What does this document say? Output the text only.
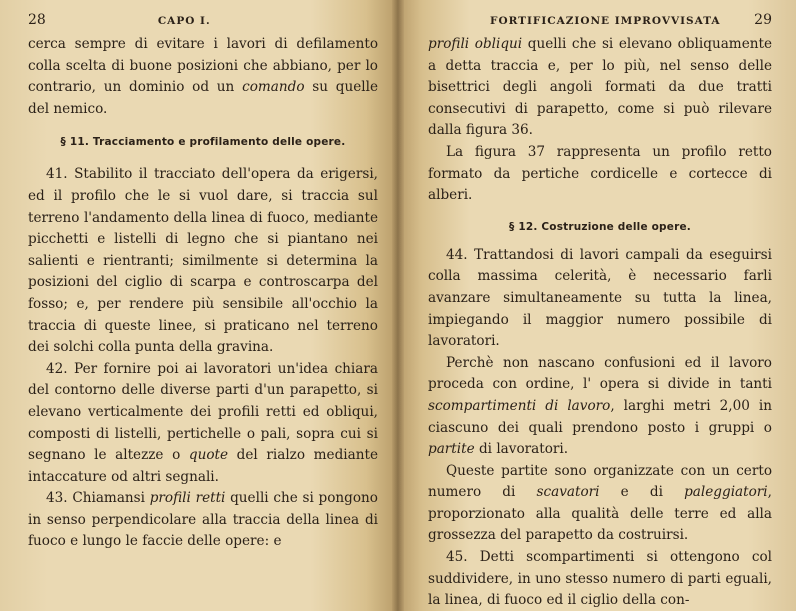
28	CAPO I.

cerca sempre di evitare i lavori di defilamento colla scelta di buone posizioni che abbiano, per lo contrario, un dominio od un comando su quelle del nemico.

§ 11. Tracciamento e profilamento delle opere.

41. Stabilito il tracciato dell'opera da erigersi, ed il profilo che le si vuol dare, si traccia sul terreno l'andamento della linea di fuoco, mediante picchetti e listelli di legno che si piantano nei salienti e rientranti; similmente si determina la posizioni del ciglio di scarpa e controscarpa del fosso; e, per rendere più sensibile all'occhio la traccia di queste linee, si praticano nel terreno dei solchi colla punta della gravina.

42. Per fornire poi ai lavoratori un'idea chiara del contorno delle diverse parti d'un parapetto, si elevano verticalmente dei profili retti ed obliqui, composti di listelli, pertichelle o pali, sopra cui si segnano le altezze o quote del rialzo mediante intaccature od altri segnali.

43. Chiamansi profili retti quelli che si pongono in senso perpendicolare alla traccia della linea di fuoco e lungo le faccie delle opere: e

FORTIFICAZIONE IMPROVVISATA 29

profili obliqui quelli che si elevano obliquamente a detta traccia e, per lo più, nel senso delle bisettrici degli angoli formati da due tratti consecutivi di parapetto, come si può rilevare dalla figura 36.

La figura 37 rappresenta un profilo retto formato da pertiche cordicelle e cortecce di alberi.

§ 12. Costruzione delle opere.

44. Trattandosi di lavori campali da eseguirsi colla massima celerità, è necessario farli avanzare simultaneamente su tutta la linea, impiegando il maggior numero possibile di lavoratori.

Perchè non nascano confusioni ed il lavoro proceda con ordine, l' opera si divide in tanti scompartimenti di lavoro, larghi metri 2,00 in ciascuno dei quali prendono posto i gruppi o partite di lavoratori.

Queste partite sono organizzate con un certo numero di scavatori e di paleggiatori, proporzionato alla qualità delle terre ed alla grossezza del parapetto da costruirsi.

45. Detti scompartimenti si ottengono col suddividere, in uno stesso numero di parti eguali, la linea, di fuoco ed il ciglio della con-
